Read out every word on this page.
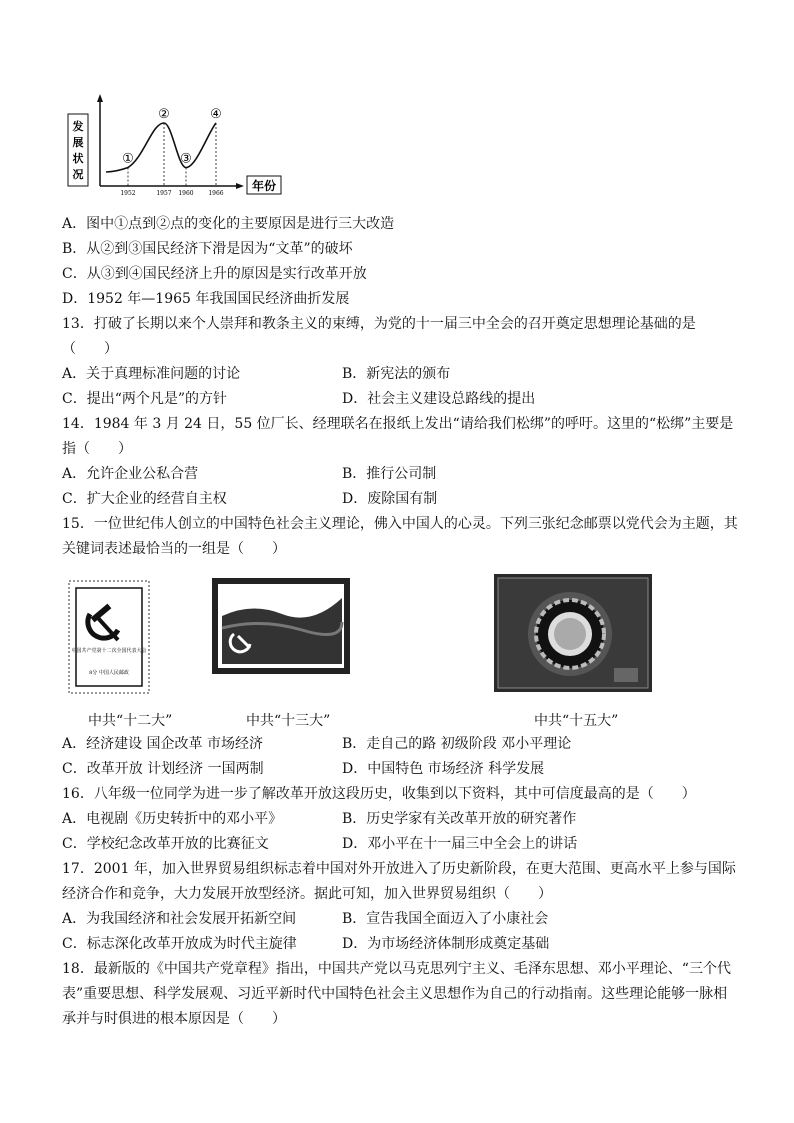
发
展
状
况
1952
①
1957
②
1960
③
1966
④
年份
A．图中①点到②点的变化的主要原因是进行三大改造
B．从②到③国民经济下滑是因为“文革”的破坏
C．从③到④国民经济上升的原因是实行改革开放
D．1952 年—1965 年我国国民经济曲折发展
13．打破了长期以来个人崇拜和教条主义的束缚，为党的十一届三中全会的召开奠定思想理论基础的是
（　　）
A．关于真理标准问题的讨论	B．新宪法的颁布
C．提出“两个凡是”的方针	D．社会主义建设总路线的提出
14．1984 年 3 月 24 日，55 位厂长、经理联名在报纸上发出“请给我们松绑”的呼吁。这里的“松绑”主要是
指（　　）
A．允许企业公私合营	B．推行公司制
C．扩大企业的经营自主权	D．废除国有制
15．一位世纪伟人创立的中国特色社会主义理论，佛入中国人的心灵。下列三张纪念邮票以党代会为主题，其
关键词表述最恰当的一组是（　　）
中国共产党第十二次全国代表大会
8分 中国人民邮政
中共“十二大”	中共“十三大”	中共“十五大”
A．经济建设 国企改革 市场经济	B．走自己的路 初级阶段 邓小平理论
C．改革开放 计划经济 一国两制	D．中国特色 市场经济 科学发展
16．八年级一位同学为进一步了解改革开放这段历史，收集到以下资料，其中可信度最高的是（　　）
A．电视剧《历史转折中的邓小平》	B．历史学家有关改革开放的研究著作
C．学校纪念改革开放的比赛征文	D．邓小平在十一届三中全会上的讲话
17．2001 年，加入世界贸易组织标志着中国对外开放进入了历史新阶段，在更大范围、更高水平上参与国际
经济合作和竞争，大力发展开放型经济。据此可知，加入世界贸易组织（　　）
A．为我国经济和社会发展开拓新空间	B．宣告我国全面迈入了小康社会
C．标志深化改革开放成为时代主旋律	D．为市场经济体制形成奠定基础
18．最新版的《中国共产党章程》指出，中国共产党以马克思列宁主义、毛泽东思想、邓小平理论、“三个代
表”重要思想、科学发展观、习近平新时代中国特色社会主义思想作为自己的行动指南。这些理论能够一脉相
承并与时俱进的根本原因是（　　）
